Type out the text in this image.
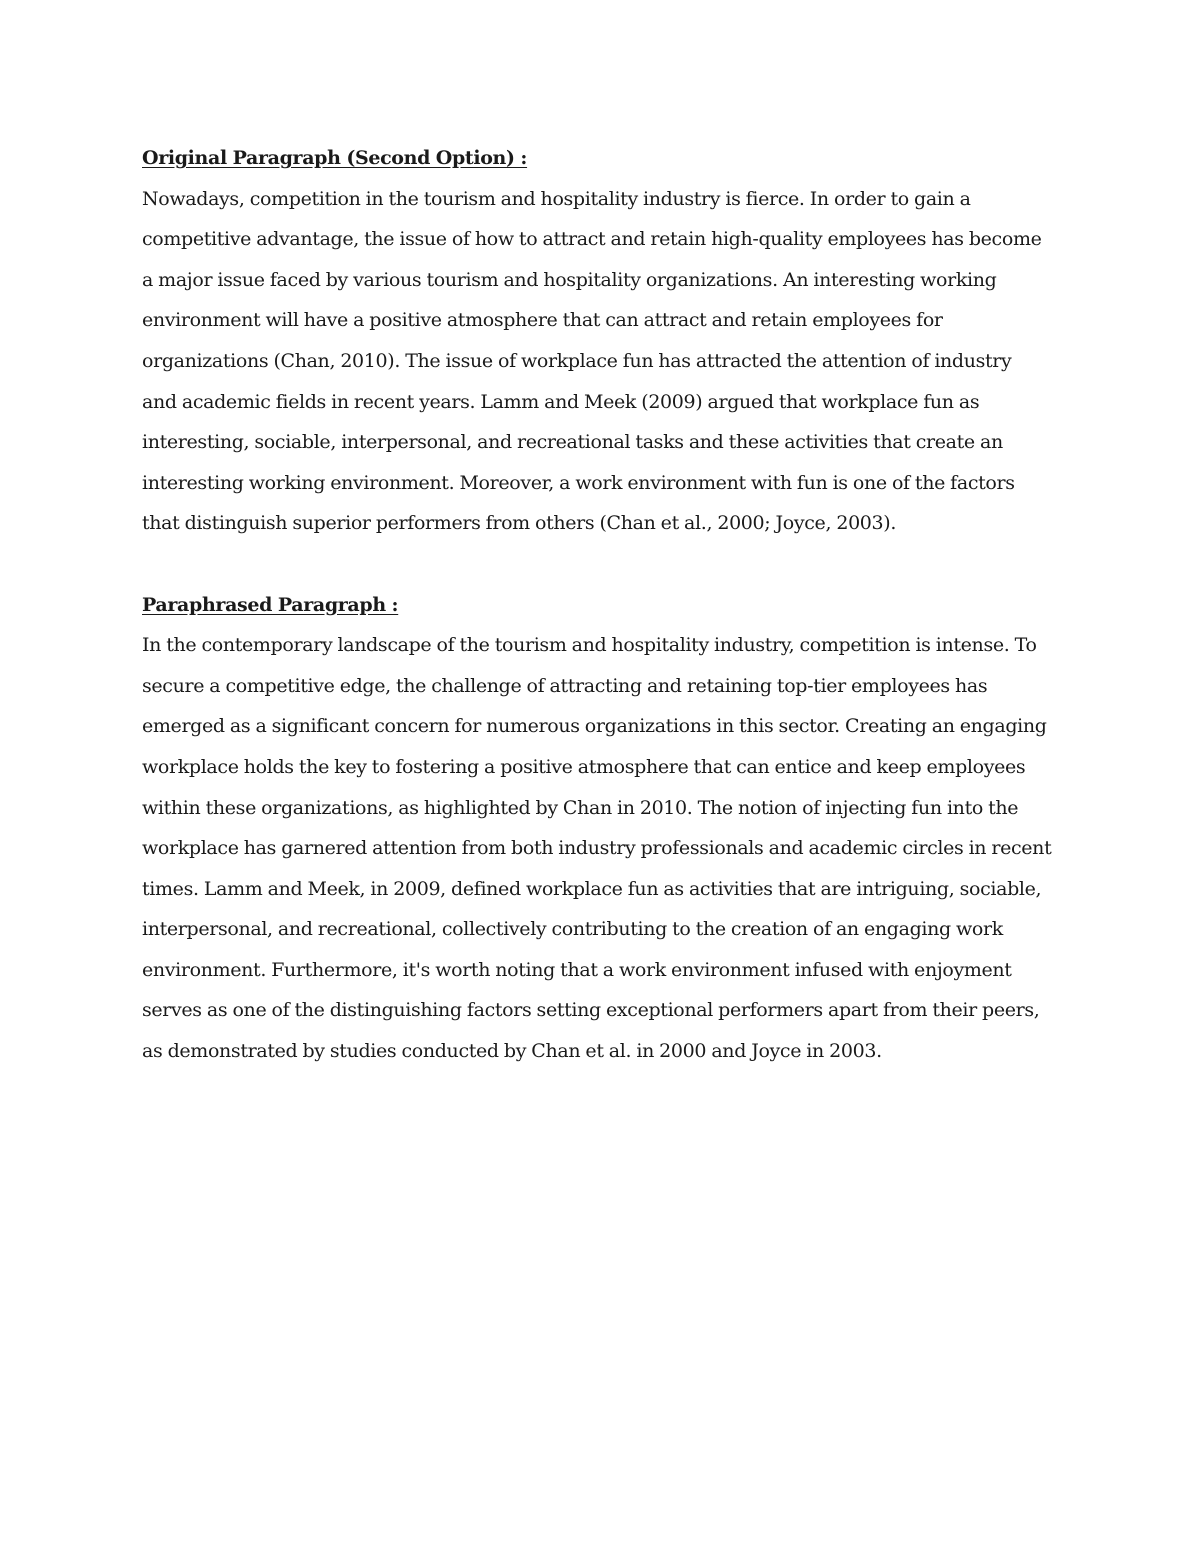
Original Paragraph (Second Option) :

Nowadays, competition in the tourism and hospitality industry is fierce. In order to gain a
competitive advantage, the issue of how to attract and retain high-quality employees has become
a major issue faced by various tourism and hospitality organizations. An interesting working
environment will have a positive atmosphere that can attract and retain employees for
organizations (Chan, 2010). The issue of workplace fun has attracted the attention of industry
and academic fields in recent years. Lamm and Meek (2009) argued that workplace fun as
interesting, sociable, interpersonal, and recreational tasks and these activities that create an
interesting working environment. Moreover, a work environment with fun is one of the factors
that distinguish superior performers from others (Chan et al., 2000; Joyce, 2003).

Paraphrased Paragraph :

In the contemporary landscape of the tourism and hospitality industry, competition is intense. To
secure a competitive edge, the challenge of attracting and retaining top-tier employees has
emerged as a significant concern for numerous organizations in this sector. Creating an engaging
workplace holds the key to fostering a positive atmosphere that can entice and keep employees
within these organizations, as highlighted by Chan in 2010. The notion of injecting fun into the
workplace has garnered attention from both industry professionals and academic circles in recent
times. Lamm and Meek, in 2009, defined workplace fun as activities that are intriguing, sociable,
interpersonal, and recreational, collectively contributing to the creation of an engaging work
environment. Furthermore, it's worth noting that a work environment infused with enjoyment
serves as one of the distinguishing factors setting exceptional performers apart from their peers,
as demonstrated by studies conducted by Chan et al. in 2000 and Joyce in 2003.
